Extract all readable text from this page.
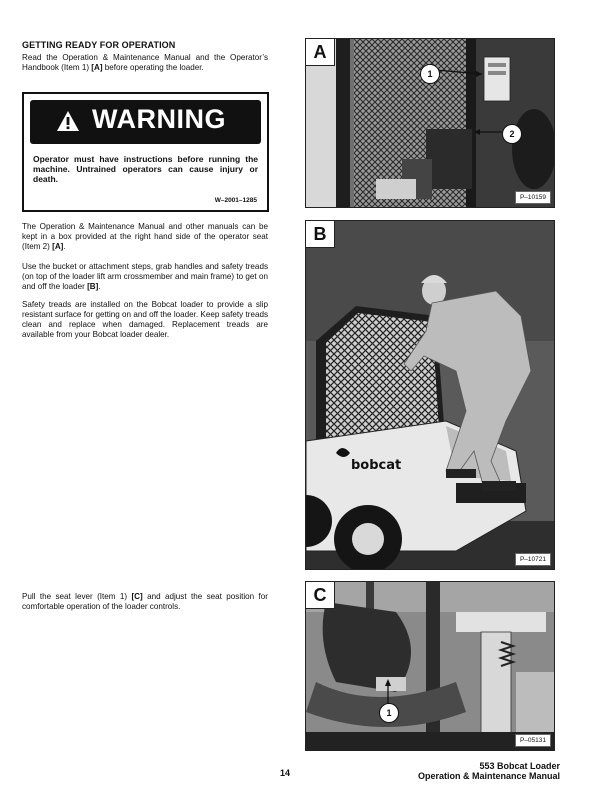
GETTING READY FOR OPERATION

Read the Operation & Maintenance Manual and the Operator’s Handbook (Item 1) [A] before operating the loader.

WARNING
Operator must have instructions before running the machine. Untrained operators can cause injury or death.
W–2001–1285

The Operation & Maintenance Manual and other manuals can be kept in a box provided at the right hand side of the operator seat (Item 2) [A].

Use the bucket or attachment steps, grab handles and safety treads (on top of the loader lift arm crossmember and main frame) to get on and off the loader [B].

Safety treads are installed on the Bobcat loader to provide a slip resistant surface for getting on and off the loader. Keep safety treads clean and replace when damaged. Replacement treads are available from your Bobcat loader dealer.

Pull the seat lever (Item 1) [C] and adjust the seat position for comfortable operation of the loader controls.

A
1
2
P–10159
bobcat
B
P–10721
C
1
P–05131
14
553 Bobcat Loader
Operation & Maintenance Manual
